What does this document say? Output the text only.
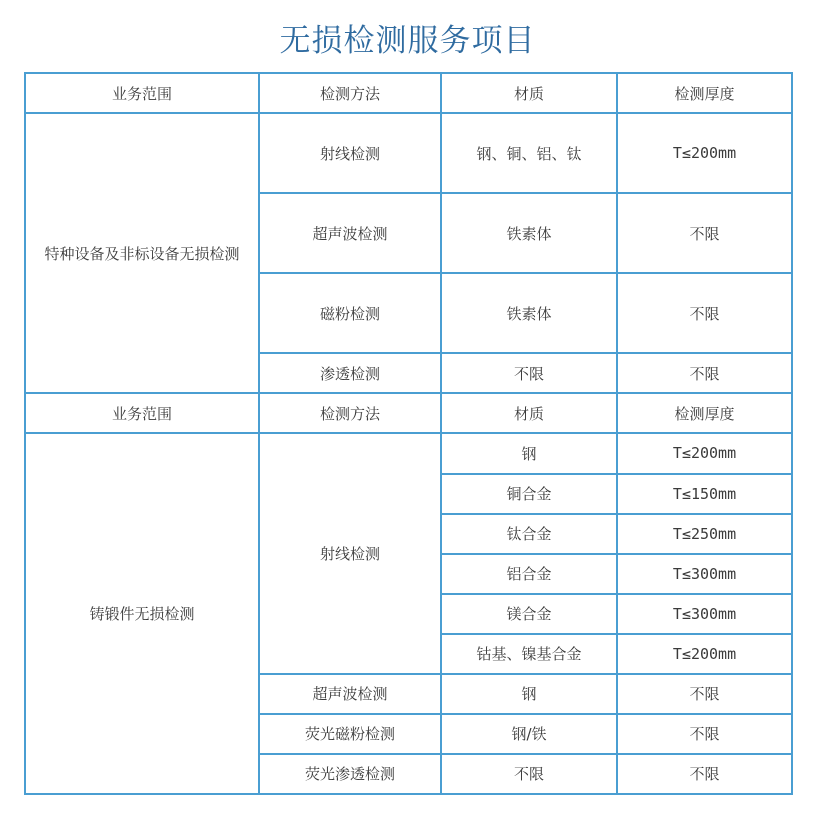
无损检测服务项目
业务范围	检测方法	材质	检测厚度
特种设备及非标设备无损检测	射线检测	钢、铜、铝、钛	T≤200mm
	超声波检测	铁素体	不限
	磁粉检测	铁素体	不限
	渗透检测	不限	不限
业务范围	检测方法	材质	检测厚度
铸锻件无损检测	射线检测	钢	T≤200mm
		铜合金	T≤150mm
		钛合金	T≤250mm
		铝合金	T≤300mm
		镁合金	T≤300mm
		钴基、镍基合金	T≤200mm
	超声波检测	钢	不限
	荧光磁粉检测	钢/铁	不限
	荧光渗透检测	不限	不限
